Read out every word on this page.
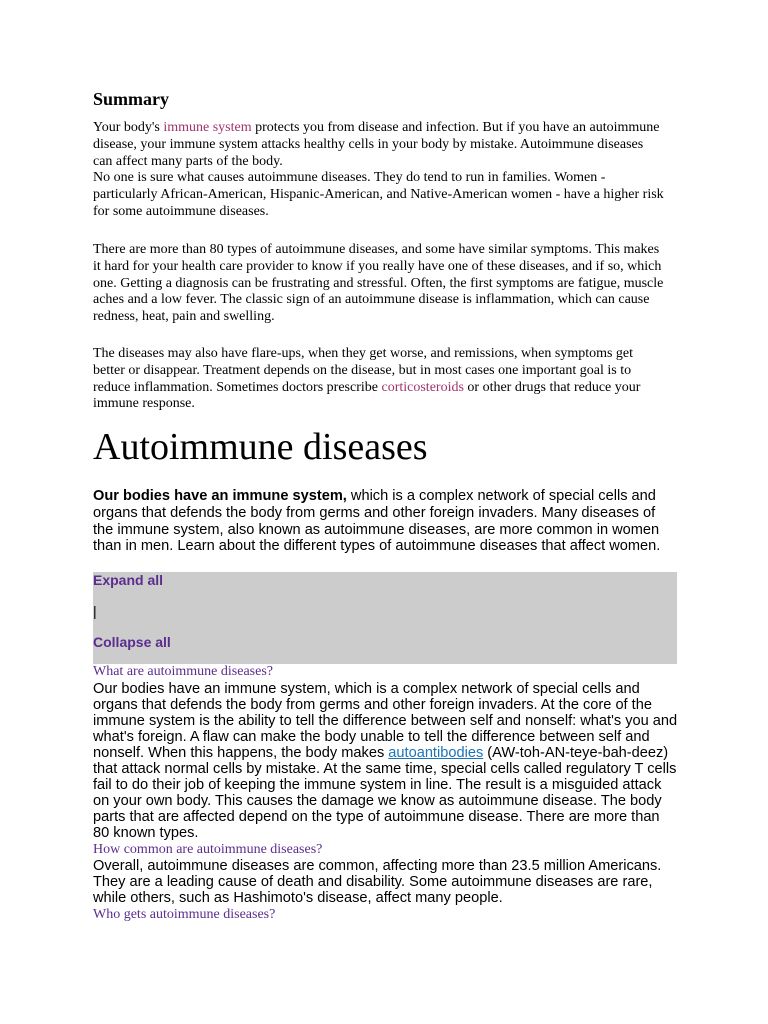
Summary

Your body's immune system protects you from disease and infection. But if you have an autoimmune disease, your immune system attacks healthy cells in your body by mistake. Autoimmune diseases can affect many parts of the body.

No one is sure what causes autoimmune diseases. They do tend to run in families. Women - particularly African-American, Hispanic-American, and Native-American women - have a higher risk for some autoimmune diseases.

There are more than 80 types of autoimmune diseases, and some have similar symptoms. This makes it hard for your health care provider to know if you really have one of these diseases, and if so, which one. Getting a diagnosis can be frustrating and stressful. Often, the first symptoms are fatigue, muscle aches and a low fever. The classic sign of an autoimmune disease is inflammation, which can cause redness, heat, pain and swelling.

The diseases may also have flare-ups, when they get worse, and remissions, when symptoms get better or disappear. Treatment depends on the disease, but in most cases one important goal is to reduce inflammation. Sometimes doctors prescribe corticosteroids or other drugs that reduce your immune response.

Autoimmune diseases

Our bodies have an immune system, which is a complex network of special cells and organs that defends the body from germs and other foreign invaders. Many diseases of the immune system, also known as autoimmune diseases, are more common in women than in men. Learn about the different types of autoimmune diseases that affect women.

Expand all
|
Collapse all
What are autoimmune diseases?

Our bodies have an immune system, which is a complex network of special cells and organs that defends the body from germs and other foreign invaders. At the core of the immune system is the ability to tell the difference between self and nonself: what's you and what's foreign. A flaw can make the body unable to tell the difference between self and nonself. When this happens, the body makes autoantibodies (AW-toh-AN-teye-bah-deez) that attack normal cells by mistake. At the same time, special cells called regulatory T cells fail to do their job of keeping the immune system in line. The result is a misguided attack on your own body. This causes the damage we know as autoimmune disease. The body parts that are affected depend on the type of autoimmune disease. There are more than 80 known types.

How common are autoimmune diseases?

Overall, autoimmune diseases are common, affecting more than 23.5 million Americans. They are a leading cause of death and disability. Some autoimmune diseases are rare, while others, such as Hashimoto's disease, affect many people.

Who gets autoimmune diseases?
